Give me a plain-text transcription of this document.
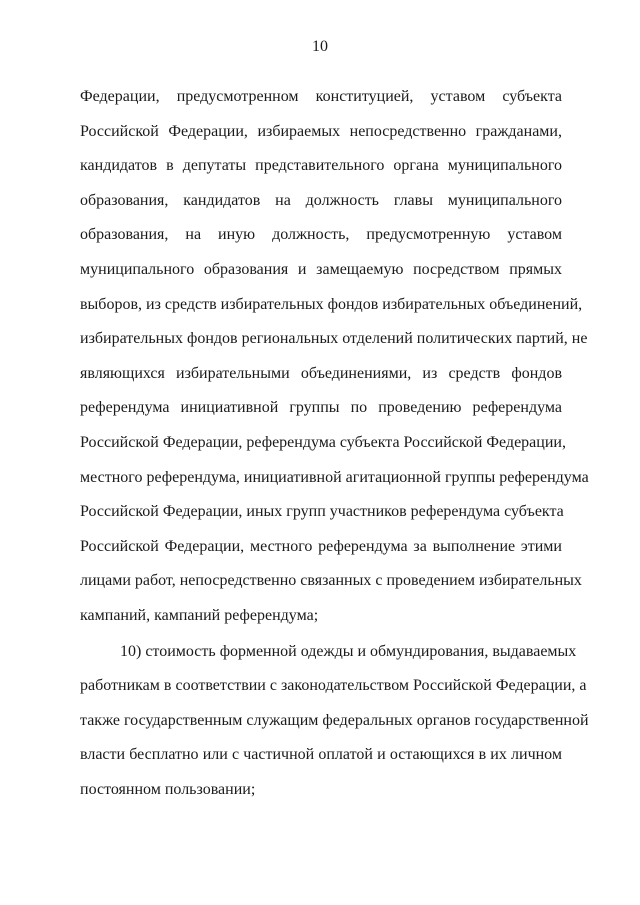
10
Федерации, предусмотренном конституцией, уставом субъекта
Российской Федерации, избираемых непосредственно гражданами,
кандидатов в депутаты представительного органа муниципального
образования, кандидатов на должность главы муниципального
образования, на иную должность, предусмотренную уставом
муниципального образования и замещаемую посредством прямых
выборов, из средств избирательных фондов избирательных объединений,
избирательных фондов региональных отделений политических партий, не
являющихся избирательными объединениями, из средств фондов
референдума инициативной группы по проведению референдума
Российской Федерации, референдума субъекта Российской Федерации,
местного референдума, инициативной агитационной группы референдума
Российской Федерации, иных групп участников референдума субъекта
Российской Федерации, местного референдума за выполнение этими
лицами работ, непосредственно связанных с проведением избирательных
кампаний, кампаний референдума;
10) стоимость форменной одежды и обмундирования, выдаваемых
работникам в соответствии с законодательством Российской Федерации, а
также государственным служащим федеральных органов государственной
власти бесплатно или с частичной оплатой и остающихся в их личном
постоянном пользовании;
